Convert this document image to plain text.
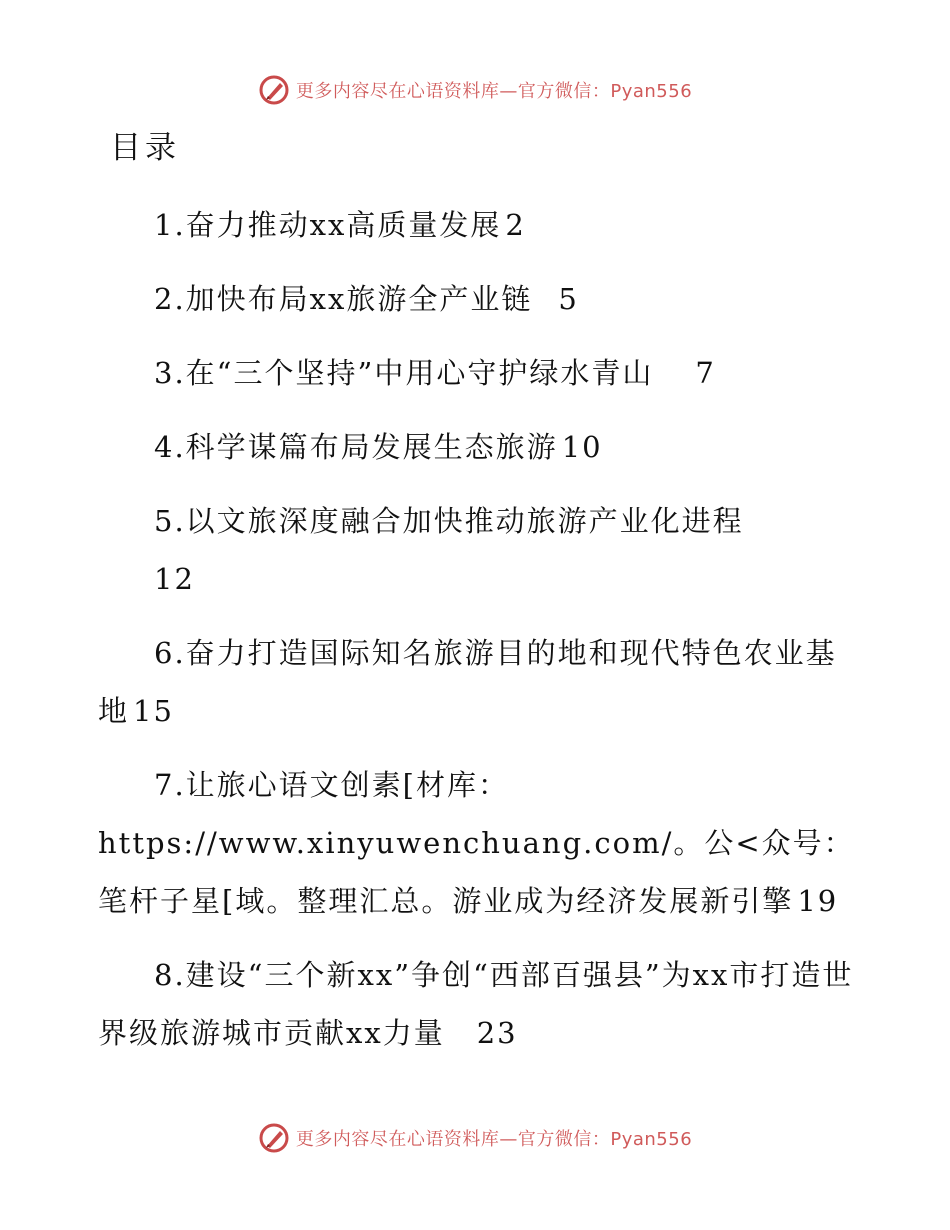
更多内容尽在心语资料库—官方微信：Pyan556
目录
1.奋力推动xx高质量发展 2
2.加快布局xx旅游全产业链 5
3.在“三个坚持”中用心守护绿水青山 7
4.科学谋篇布局发展生态旅游 10
5.以文旅深度融合加快推动旅游产业化进程
12
6.奋力打造国际知名旅游目的地和现代特色农业基地 15
7.让旅心语文创素[材库：https://www.xinyuwenchuang.com/。公<众号：笔杆子星[域。整理汇总。游业成为经济发展新引擎 19
8.建设“三个新xx”争创“西部百强县”为xx市打造世界级旅游城市贡献xx力量 23
更多内容尽在心语资料库—官方微信：Pyan556
